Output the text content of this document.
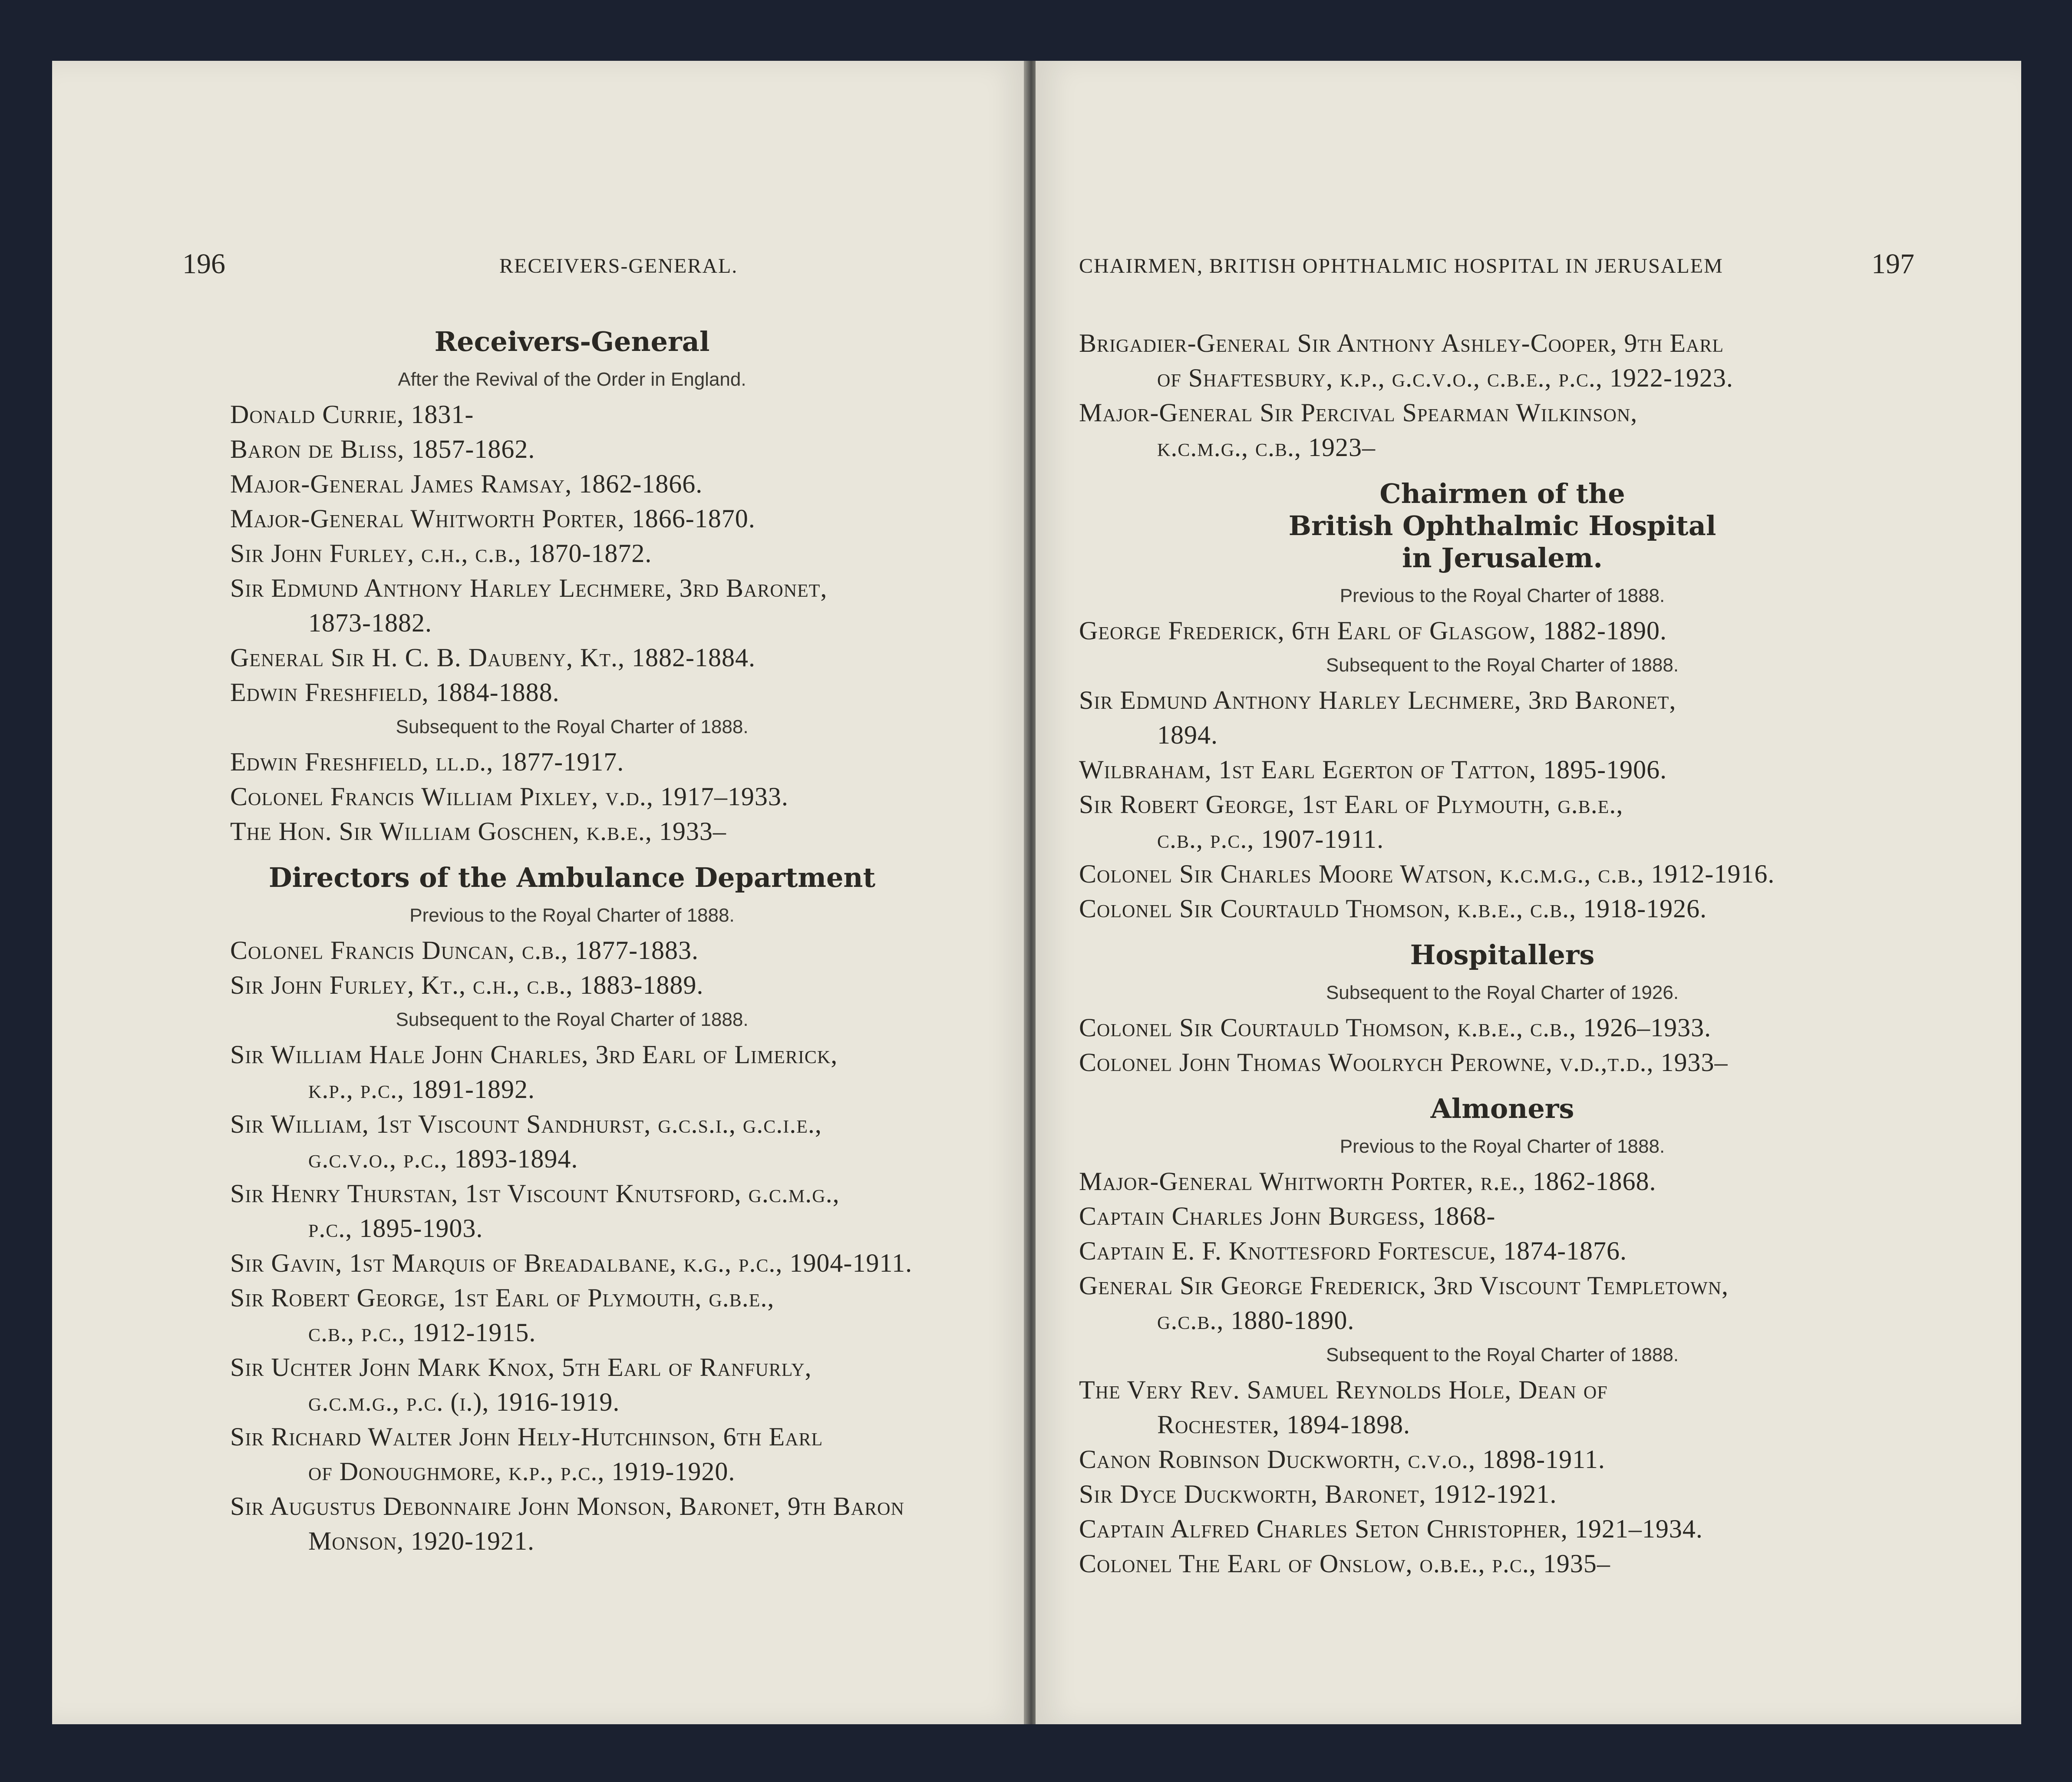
196	RECEIVERS-GENERAL.
Receivers-General
After the Revival of the Order in England.
Donald Currie, 1831-
Baron de Bliss, 1857-1862.
Major-General James Ramsay, 1862-1866.
Major-General Whitworth Porter, 1866-1870.
Sir John Furley, c.h., c.b., 1870-1872.
Sir Edmund Anthony Harley Lechmere, 3rd Baronet,
1873-1882.
General Sir H. C. B. Daubeny, Kt., 1882-1884.
Edwin Freshfield, 1884-1888.
Subsequent to the Royal Charter of 1888.
Edwin Freshfield, ll.d., 1877-1917.
Colonel Francis William Pixley, v.d., 1917–1933.
The Hon. Sir William Goschen, k.b.e., 1933–
Directors of the Ambulance Department
Previous to the Royal Charter of 1888.
Colonel Francis Duncan, c.b., 1877-1883.
Sir John Furley, Kt., c.h., c.b., 1883-1889.
Subsequent to the Royal Charter of 1888.
Sir William Hale John Charles, 3rd Earl of Limerick,
k.p., p.c., 1891-1892.
Sir William, 1st Viscount Sandhurst, g.c.s.i., g.c.i.e.,
g.c.v.o., p.c., 1893-1894.
Sir Henry Thurstan, 1st Viscount Knutsford, g.c.m.g.,
p.c., 1895-1903.
Sir Gavin, 1st Marquis of Breadalbane, k.g., p.c., 1904-1911.
Sir Robert George, 1st Earl of Plymouth, g.b.e.,
c.b., p.c., 1912-1915.
Sir Uchter John Mark Knox, 5th Earl of Ranfurly,
g.c.m.g., p.c. (i.), 1916-1919.
Sir Richard Walter John Hely-Hutchinson, 6th Earl
of Donoughmore, k.p., p.c., 1919-1920.
Sir Augustus Debonnaire John Monson, Baronet, 9th Baron
Monson, 1920-1921.
CHAIRMEN, BRITISH OPHTHALMIC HOSPITAL IN JERUSALEM	197
Brigadier-General Sir Anthony Ashley-Cooper, 9th Earl
of Shaftesbury, k.p., g.c.v.o., c.b.e., p.c., 1922-1923.
Major-General Sir Percival Spearman Wilkinson,
k.c.m.g., c.b., 1923–
Chairmen of the
British Ophthalmic Hospital
in Jerusalem.
Previous to the Royal Charter of 1888.
George Frederick, 6th Earl of Glasgow, 1882-1890.
Subsequent to the Royal Charter of 1888.
Sir Edmund Anthony Harley Lechmere, 3rd Baronet,
1894.
Wilbraham, 1st Earl Egerton of Tatton, 1895-1906.
Sir Robert George, 1st Earl of Plymouth, g.b.e.,
c.b., p.c., 1907-1911.
Colonel Sir Charles Moore Watson, k.c.m.g., c.b., 1912-1916.
Colonel Sir Courtauld Thomson, k.b.e., c.b., 1918-1926.
Hospitallers
Subsequent to the Royal Charter of 1926.
Colonel Sir Courtauld Thomson, k.b.e., c.b., 1926–1933.
Colonel John Thomas Woolrych Perowne, v.d.,t.d., 1933–
Almoners
Previous to the Royal Charter of 1888.
Major-General Whitworth Porter, r.e., 1862-1868.
Captain Charles John Burgess, 1868-
Captain E. F. Knottesford Fortescue, 1874-1876.
General Sir George Frederick, 3rd Viscount Templetown,
g.c.b., 1880-1890.
Subsequent to the Royal Charter of 1888.
The Very Rev. Samuel Reynolds Hole, Dean of
Rochester, 1894-1898.
Canon Robinson Duckworth, c.v.o., 1898-1911.
Sir Dyce Duckworth, Baronet, 1912-1921.
Captain Alfred Charles Seton Christopher, 1921–1934.
Colonel The Earl of Onslow, o.b.e., p.c., 1935–
